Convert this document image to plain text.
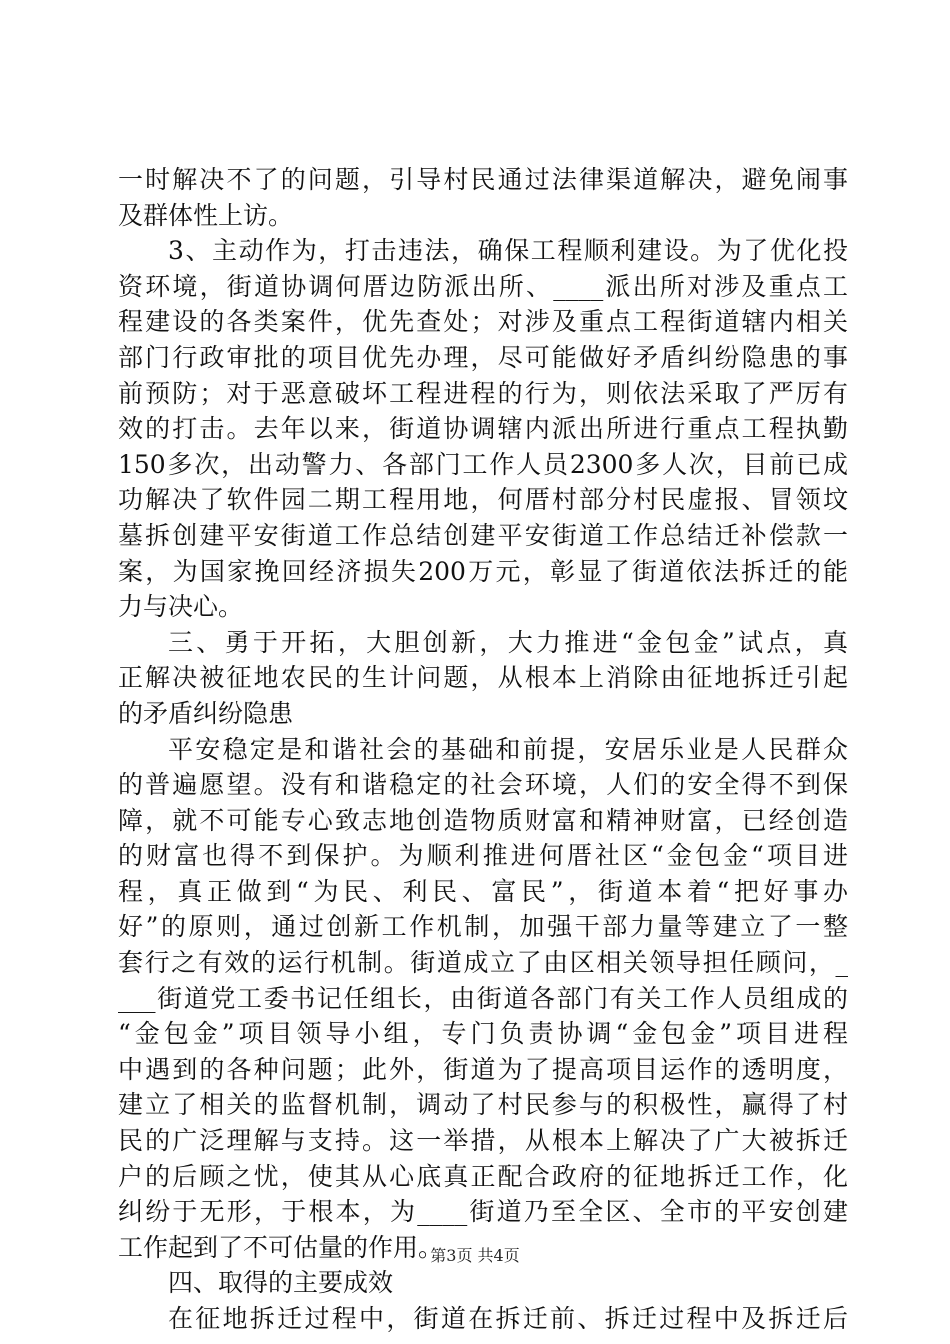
一时解决不了的问题，引导村民通过法律渠道解决，避免闹事
及群体性上访。
3、主动作为，打击违法，确保工程顺利建设。为了优化投
资环境，街道协调何厝边防派出所、____派出所对涉及重点工
程建设的各类案件，优先查处；对涉及重点工程街道辖内相关
部门行政审批的项目优先办理，尽可能做好矛盾纠纷隐患的事
前预防；对于恶意破坏工程进程的行为，则依法采取了严厉有
效的打击。去年以来，街道协调辖内派出所进行重点工程执勤
150多次，出动警力、各部门工作人员2300多人次，目前已成
功解决了软件园二期工程用地，何厝村部分村民虚报、冒领坟
墓拆创建平安街道工作总结创建平安街道工作总结迁补偿款一
案，为国家挽回经济损失200万元，彰显了街道依法拆迁的能
力与决心。
三、勇于开拓，大胆创新，大力推进“金包金”试点，真
正解决被征地农民的生计问题，从根本上消除由征地拆迁引起
的矛盾纠纷隐患
平安稳定是和谐社会的基础和前提，安居乐业是人民群众
的普遍愿望。没有和谐稳定的社会环境，人们的安全得不到保
障，就不可能专心致志地创造物质财富和精神财富，已经创造
的财富也得不到保护。为顺利推进何厝社区“金包金“项目进
程，真正做到“为民、利民、富民”，街道本着“把好事办
好”的原则，通过创新工作机制，加强干部力量等建立了一整
套行之有效的运行机制。街道成立了由区相关领导担任顾问，_
___街道党工委书记任组长，由街道各部门有关工作人员组成的
“金包金”项目领导小组，专门负责协调“金包金”项目进程
中遇到的各种问题；此外，街道为了提高项目运作的透明度，
建立了相关的监督机制，调动了村民参与的积极性，赢得了村
民的广泛理解与支持。这一举措，从根本上解决了广大被拆迁
户的后顾之忧，使其从心底真正配合政府的征地拆迁工作，化
纠纷于无形，于根本，为____街道乃至全区、全市的平安创建
工作起到了不可估量的作用。
四、取得的主要成效
在征地拆迁过程中，街道在拆迁前、拆迁过程中及拆迁后
第3页 共4页
